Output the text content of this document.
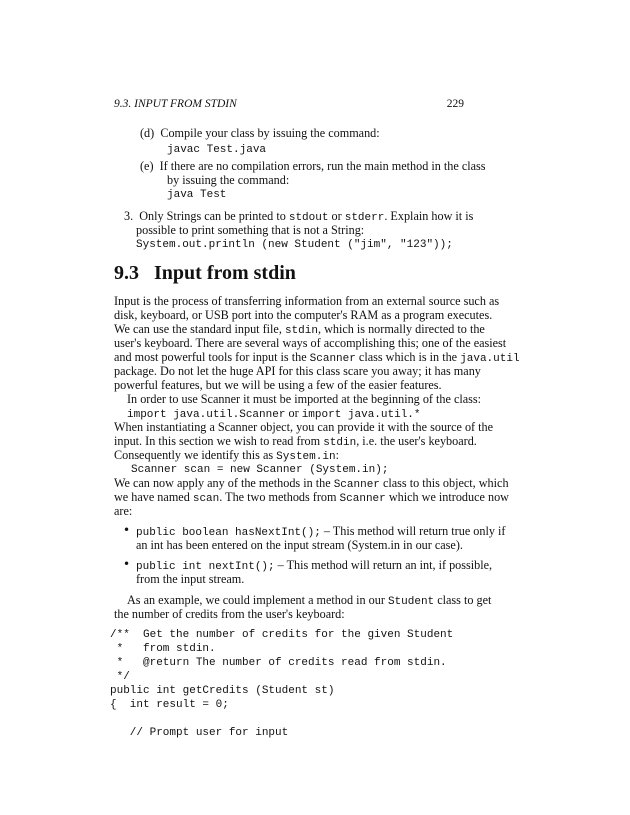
9.3. INPUT FROM STDIN	229
(d) Compile your class by issuing the command:
javac Test.java
(e) If there are no compilation errors, run the main method in the class
by issuing the command:
java Test
3. Only Strings can be printed to stdout or stderr. Explain how it is
possible to print something that is not a String:
System.out.println (new Student ("jim", "123"));
9.3 Input from stdin
Input is the process of transferring information from an external source such as
disk, keyboard, or USB port into the computer's RAM as a program executes.
We can use the standard input file, stdin, which is normally directed to the
user's keyboard. There are several ways of accomplishing this; one of the easiest
and most powerful tools for input is the Scanner class which is in the java.util
package. Do not let the huge API for this class scare you away; it has many
powerful features, but we will be using a few of the easier features.
In order to use Scanner it must be imported at the beginning of the class:
import java.util.Scanner or import java.util.*
When instantiating a Scanner object, you can provide it with the source of the
input. In this section we wish to read from stdin, i.e. the user's keyboard.
Consequently we identify this as System.in:
Scanner scan = new Scanner (System.in);
We can now apply any of the methods in the Scanner class to this object, which
we have named scan. The two methods from Scanner which we introduce now
are:
• public boolean hasNextInt(); – This method will return true only if
an int has been entered on the input stream (System.in in our case).
• public int nextInt(); – This method will return an int, if possible,
from the input stream.
As an example, we could implement a method in our Student class to get
the number of credits from the user's keyboard:
/**  Get the number of credits for the given Student
*   from stdin.
*   @return The number of credits read from stdin.
*/
public int getCredits (Student st)
{  int result = 0;
// Prompt user for input
